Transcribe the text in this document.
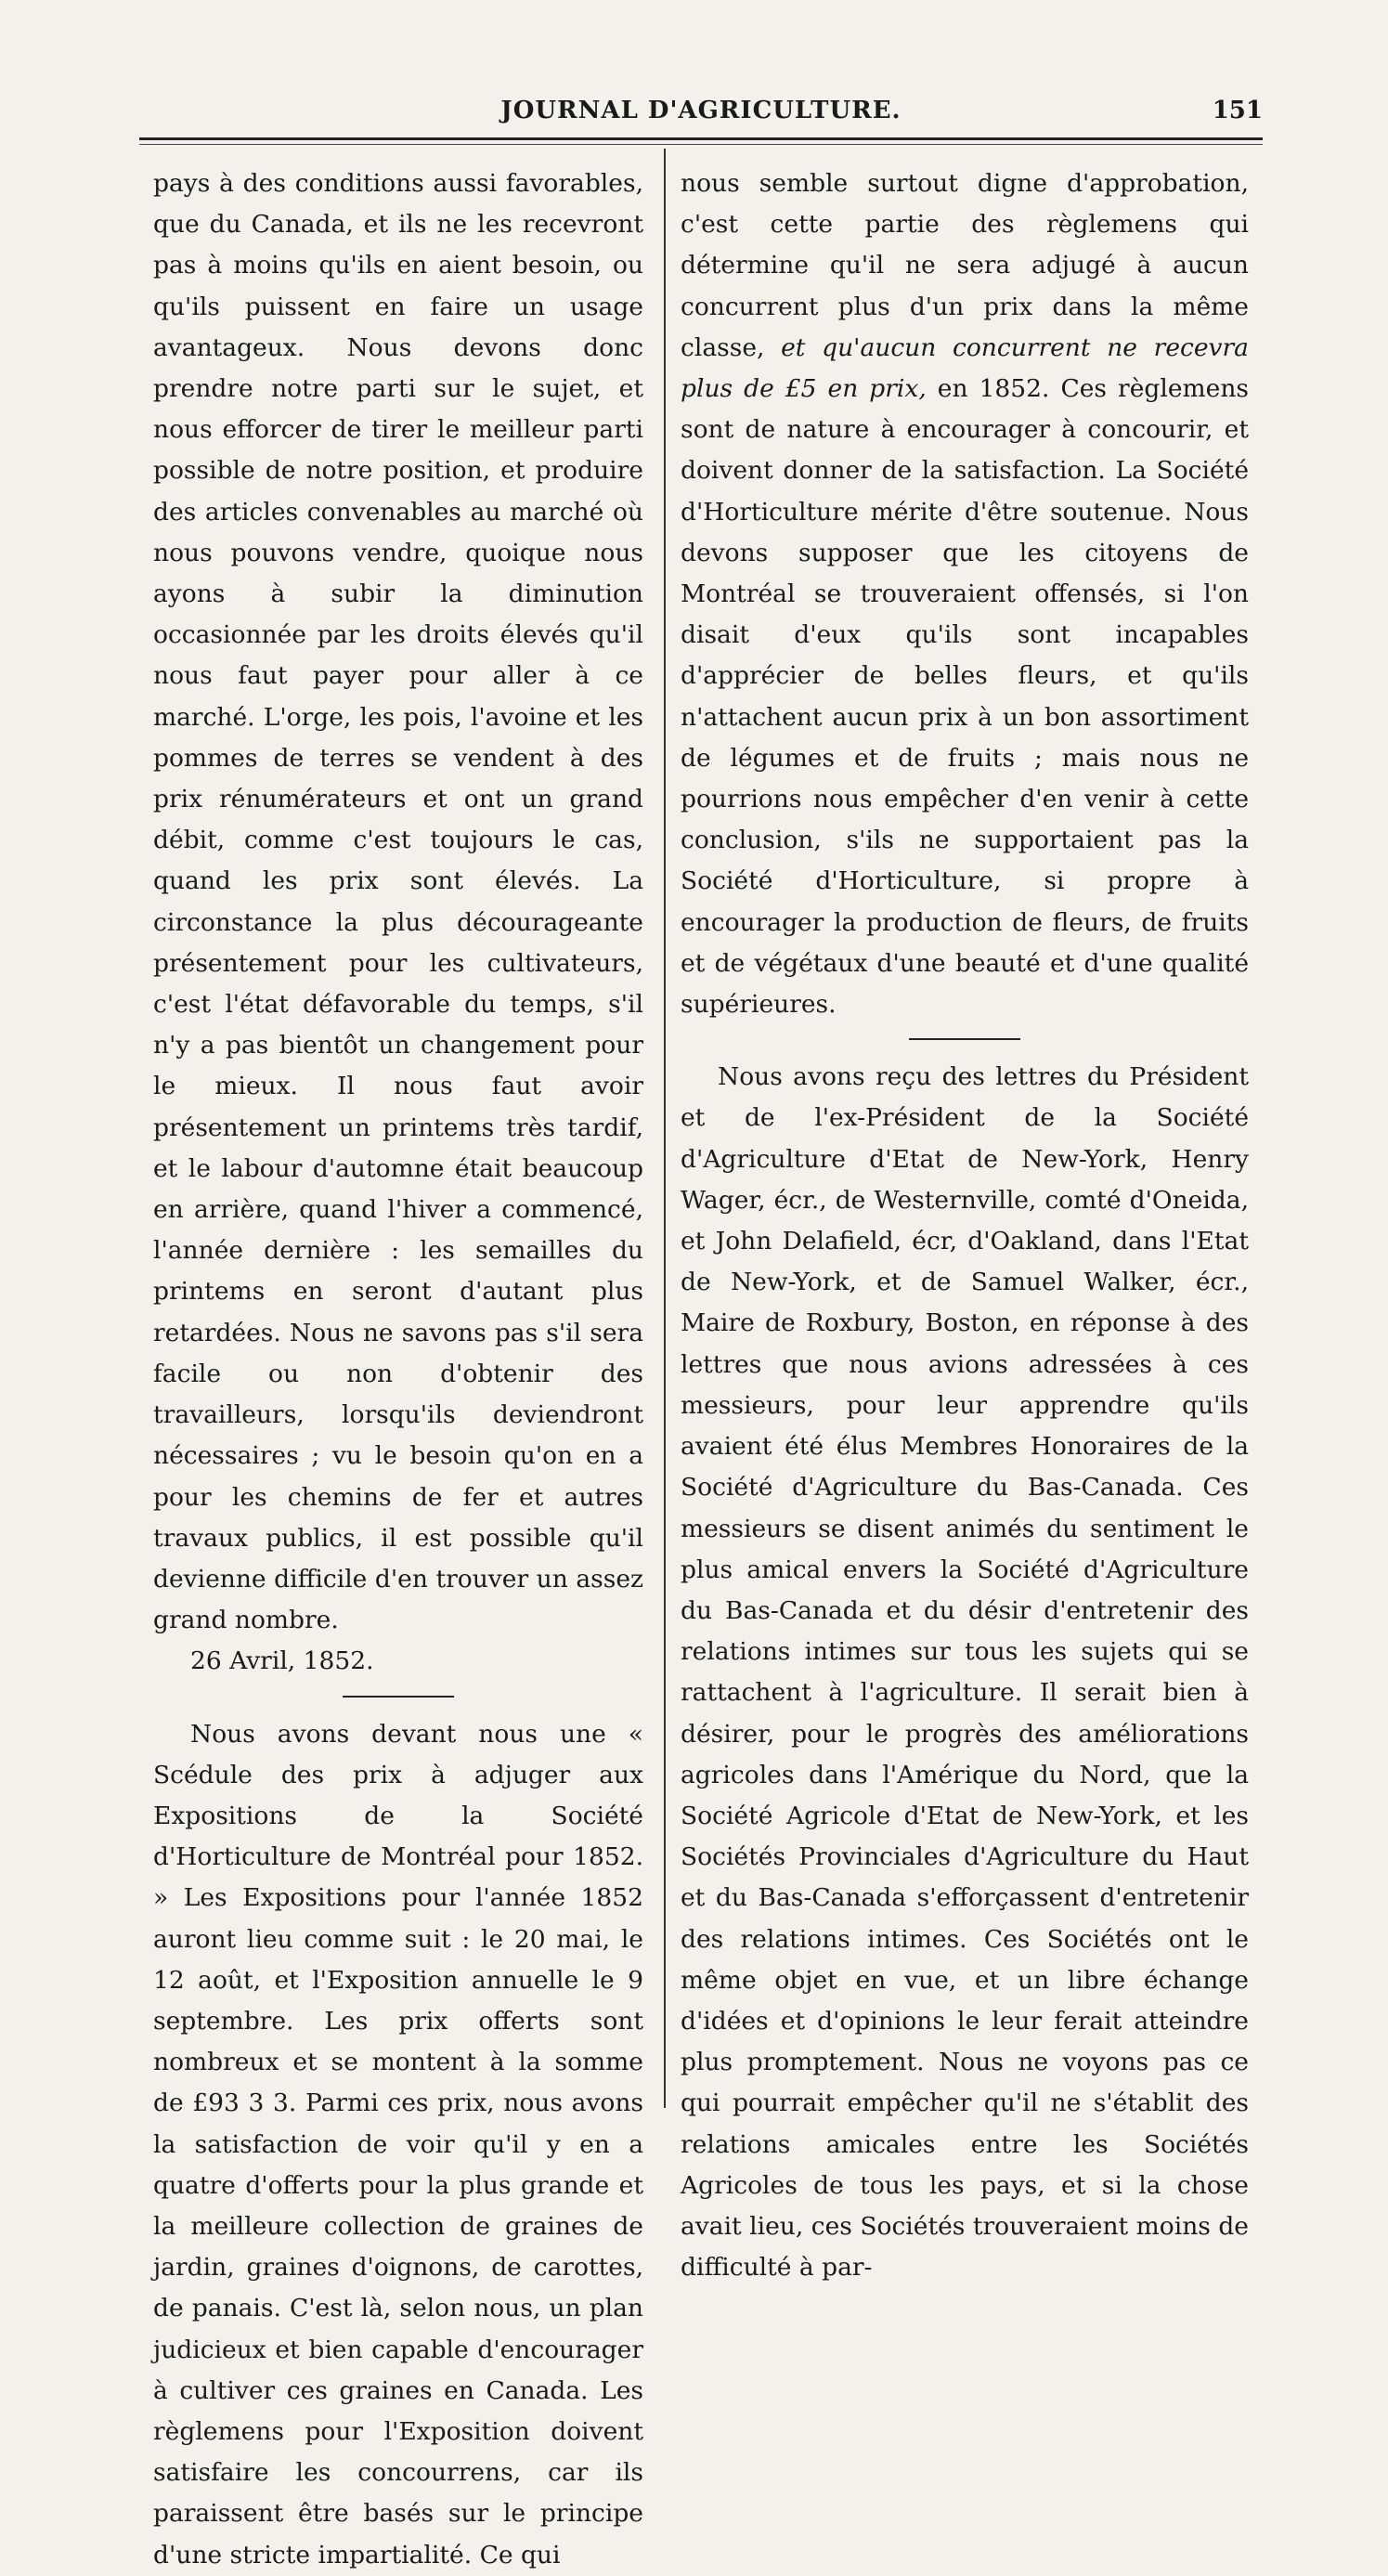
JOURNAL D'AGRICULTURE.	151

pays à des conditions aussi favorables, que du Canada, et ils ne les recevront pas à moins qu'ils en aient besoin, ou qu'ils puissent en faire un usage avantageux. Nous devons donc prendre notre parti sur le sujet, et nous efforcer de tirer le meilleur parti possible de notre position, et produire des articles convenables au marché où nous pouvons vendre, quoique nous ayons à subir la diminution occasionnée par les droits élevés qu'il nous faut payer pour aller à ce marché. L'orge, les pois, l'avoine et les pommes de terres se vendent à des prix rénumérateurs et ont un grand débit, comme c'est toujours le cas, quand les prix sont élevés. La circonstance la plus décourageante présentement pour les cultivateurs, c'est l'état défavorable du temps, s'il n'y a pas bientôt un changement pour le mieux. Il nous faut avoir présentement un printems très tardif, et le labour d'automne était beaucoup en arrière, quand l'hiver a commencé, l'année dernière : les semailles du printems en seront d'autant plus retardées. Nous ne savons pas s'il sera facile ou non d'obtenir des travailleurs, lorsqu'ils deviendront nécessaires ; vu le besoin qu'on en a pour les chemins de fer et autres travaux publics, il est possible qu'il devienne difficile d'en trouver un assez grand nombre.

26 Avril, 1852.

Nous avons devant nous une « Scédule des prix à adjuger aux Expositions de la Société d'Horticulture de Montréal pour 1852. » Les Expositions pour l'année 1852 auront lieu comme suit : le 20 mai, le 12 août, et l'Exposition annuelle le 9 septembre. Les prix offerts sont nombreux et se montent à la somme de £93 3 3. Parmi ces prix, nous avons la satisfaction de voir qu'il y en a quatre d'offerts pour la plus grande et la meilleure collection de graines de jardin, graines d'oignons, de carottes, de panais. C'est là, selon nous, un plan judicieux et bien capable d'encourager à cultiver ces graines en Canada. Les règlemens pour l'Exposition doivent satisfaire les concourrens, car ils paraissent être basés sur le principe d'une stricte impartialité. Ce qui

nous semble surtout digne d'approbation, c'est cette partie des règlemens qui détermine qu'il ne sera adjugé à aucun concurrent plus d'un prix dans la même classe, et qu'aucun concurrent ne recevra plus de £5 en prix, en 1852. Ces règlemens sont de nature à encourager à concourir, et doivent donner de la satisfaction. La Société d'Horticulture mérite d'être soutenue. Nous devons supposer que les citoyens de Montréal se trouveraient offensés, si l'on disait d'eux qu'ils sont incapables d'apprécier de belles fleurs, et qu'ils n'attachent aucun prix à un bon assortiment de légumes et de fruits ; mais nous ne pourrions nous empêcher d'en venir à cette conclusion, s'ils ne supportaient pas la Société d'Horticulture, si propre à encourager la production de fleurs, de fruits et de végétaux d'une beauté et d'une qualité supérieures.

Nous avons reçu des lettres du Président et de l'ex-Président de la Société d'Agriculture d'Etat de New-York, Henry Wager, écr., de Westernville, comté d'Oneida, et John Delafield, écr, d'Oakland, dans l'Etat de New-York, et de Samuel Walker, écr., Maire de Roxbury, Boston, en réponse à des lettres que nous avions adressées à ces messieurs, pour leur apprendre qu'ils avaient été élus Membres Honoraires de la Société d'Agriculture du Bas-Canada. Ces messieurs se disent animés du sentiment le plus amical envers la Société d'Agriculture du Bas-Canada et du désir d'entretenir des relations intimes sur tous les sujets qui se rattachent à l'agriculture. Il serait bien à désirer, pour le progrès des améliorations agricoles dans l'Amérique du Nord, que la Société Agricole d'Etat de New-York, et les Sociétés Provinciales d'Agriculture du Haut et du Bas-Canada s'efforçassent d'entretenir des relations intimes. Ces Sociétés ont le même objet en vue, et un libre échange d'idées et d'opinions le leur ferait atteindre plus promptement. Nous ne voyons pas ce qui pourrait empêcher qu'il ne s'établit des relations amicales entre les Sociétés Agricoles de tous les pays, et si la chose avait lieu, ces Sociétés trouveraient moins de difficulté à par-
